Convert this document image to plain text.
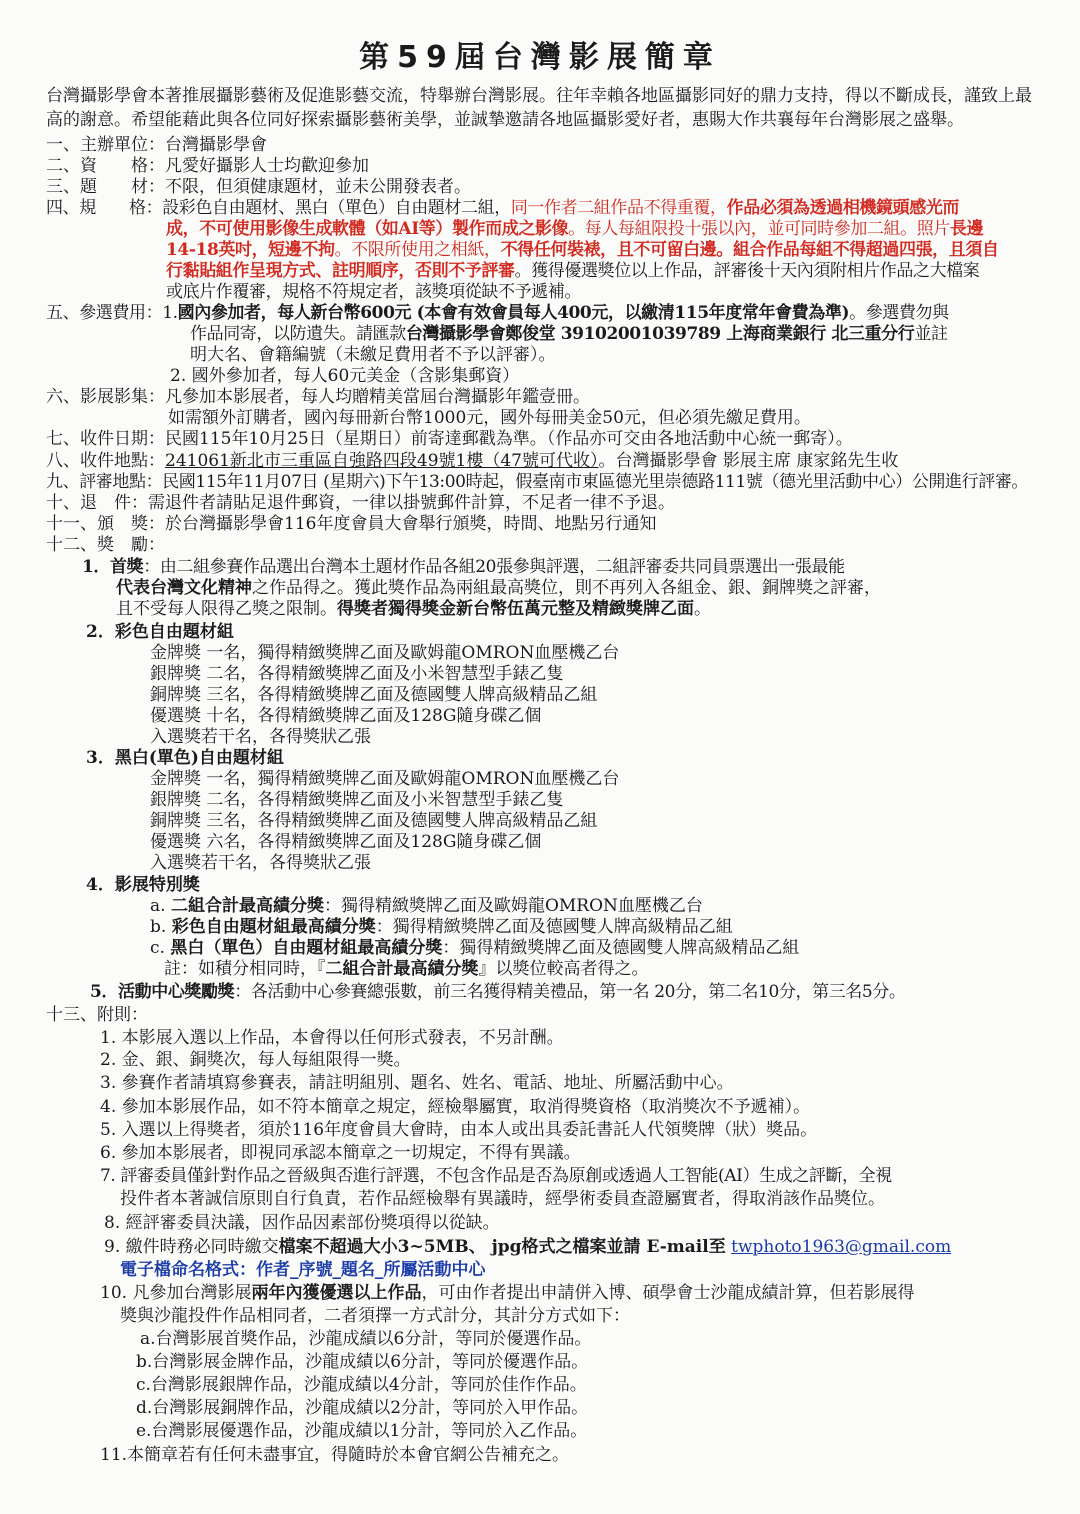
第59屆台灣影展簡章

台灣攝影學會本著推展攝影藝術及促進影藝交流，特舉辦台灣影展。往年幸賴各地區攝影同好的鼎力支持，得以不斷成長，謹致上最高的謝意。希望能藉此與各位同好探索攝影藝術美學，並誠摯邀請各地區攝影愛好者，惠賜大作共襄每年台灣影展之盛舉。

一、主辦單位：台灣攝影學會
二、資　　格：凡愛好攝影人士均歡迎參加
三、題　　材：不限，但須健康題材，並未公開發表者。
四、規　　格：設彩色自由題材、黑白（單色）自由題材二組，同一作者二組作品不得重覆，作品必須為透過相機鏡頭感光而
成，不可使用影像生成軟體（如AI等）製作而成之影像。每人每組限投十張以內，並可同時參加二組。照片長邊
14-18英吋，短邊不拘。不限所使用之相紙，不得任何裝裱，且不可留白邊。組合作品每組不得超過四張，且須自
行黏貼組作呈現方式、註明順序，否則不予評審。獲得優選獎位以上作品，評審後十天內須附相片作品之大檔案
或底片作覆審，規格不符規定者，該獎項從缺不予遞補。
五、參選費用：1.國內參加者，每人新台幣600元 (本會有效會員每人400元，以繳清115年度常年會費為準)。參選費勿與
作品同寄，以防遺失。請匯款台灣攝影學會鄭俊堂 39102001039789 上海商業銀行 北三重分行並註
明大名、會籍編號（未繳足費用者不予以評審）。
2. 國外參加者，每人60元美金（含影集郵資）
六、影展影集：凡參加本影展者，每人均贈精美當屆台灣攝影年鑑壹冊。
如需額外訂購者，國內每冊新台幣1000元，國外每冊美金50元，但必須先繳足費用。
七、收件日期：民國115年10月25日（星期日）前寄達郵戳為準。（作品亦可交由各地活動中心統一郵寄）。
八、收件地點：241061新北市三重區自強路四段49號1樓（47號可代收）。台灣攝影學會 影展主席 康家銘先生收
九、評審地點：民國115年11月07日 (星期六)下午13:00時起，假臺南市東區德光里崇德路111號（德光里活動中心）公開進行評審。
十、退　件：需退件者請貼足退件郵資，一律以掛號郵件計算，不足者一律不予退。
十一、頒　獎：於台灣攝影學會116年度會員大會舉行頒獎，時間、地點另行通知
十二、獎　勵：
1．首獎：由二組參賽作品選出台灣本土題材作品各組20張參與評選，二組評審委共同員票選出一張最能
代表台灣文化精神之作品得之。獲此獎作品為兩組最高獎位，則不再列入各組金、銀、銅牌獎之評審，
且不受每人限得乙獎之限制。得獎者獨得獎金新台幣伍萬元整及精緻獎牌乙面。
2．彩色自由題材組
金牌獎 一名，獨得精緻獎牌乙面及歐姆龍OMRON血壓機乙台
銀牌獎 二名，各得精緻獎牌乙面及小米智慧型手錶乙隻
銅牌獎 三名，各得精緻獎牌乙面及德國雙人牌高級精品乙組
優選獎 十名，各得精緻獎牌乙面及128G隨身碟乙個
入選獎若干名，各得獎狀乙張
3．黑白(單色)自由題材組
金牌獎 一名，獨得精緻獎牌乙面及歐姆龍OMRON血壓機乙台
銀牌獎 二名，各得精緻獎牌乙面及小米智慧型手錶乙隻
銅牌獎 三名，各得精緻獎牌乙面及德國雙人牌高級精品乙組
優選獎 六名，各得精緻獎牌乙面及128G隨身碟乙個
入選獎若干名，各得獎狀乙張
4．影展特別獎
a. 二組合計最高績分獎：獨得精緻獎牌乙面及歐姆龍OMRON血壓機乙台
b. 彩色自由題材組最高績分獎：獨得精緻獎牌乙面及德國雙人牌高級精品乙組
c. 黑白（單色）自由題材組最高績分獎：獨得精緻獎牌乙面及德國雙人牌高級精品乙組
註：如積分相同時，『二組合計最高績分獎』以獎位較高者得之。
5．活動中心獎勵獎：各活動中心參賽總張數，前三名獲得精美禮品，第一名 20分，第二名10分，第三名5分。
十三、附則：
1. 本影展入選以上作品，本會得以任何形式發表，不另計酬。
2. 金、銀、銅獎次，每人每組限得一獎。
3. 參賽作者請填寫參賽表，請註明組別、題名、姓名、電話、地址、所屬活動中心。
4. 參加本影展作品，如不符本簡章之規定，經檢舉屬實，取消得獎資格（取消獎次不予遞補）。
5. 入選以上得獎者，須於116年度會員大會時，由本人或出具委託書託人代領獎牌（狀）獎品。
6. 參加本影展者，即視同承認本簡章之一切規定，不得有異議。
7. 評審委員僅針對作品之晉級與否進行評選，不包含作品是否為原創或透過人工智能(AI）生成之評斷，全視
投件者本著誠信原則自行負責，若作品經檢舉有異議時，經學術委員查證屬實者，得取消該作品獎位。
8. 經評審委員決議，因作品因素部份獎項得以從缺。
9. 繳件時務必同時繳交檔案不超過大小3~5MB、 jpg格式之檔案並請 E-mail至 twphoto1963@gmail.com
電子檔命名格式：作者_序號_題名_所屬活動中心
10. 凡參加台灣影展兩年內獲優選以上作品，可由作者提出申請併入博、碩學會士沙龍成績計算，但若影展得
獎與沙龍投件作品相同者，二者須擇一方式計分，其計分方式如下：
a.台灣影展首獎作品，沙龍成績以6分計，等同於優選作品。
b.台灣影展金牌作品，沙龍成績以6分計，等同於優選作品。
c.台灣影展銀牌作品，沙龍成績以4分計，等同於佳作作品。
d.台灣影展銅牌作品，沙龍成績以2分計，等同於入甲作品。
e.台灣影展優選作品，沙龍成績以1分計，等同於入乙作品。
11.本簡章若有任何未盡事宜，得隨時於本會官網公告補充之。
